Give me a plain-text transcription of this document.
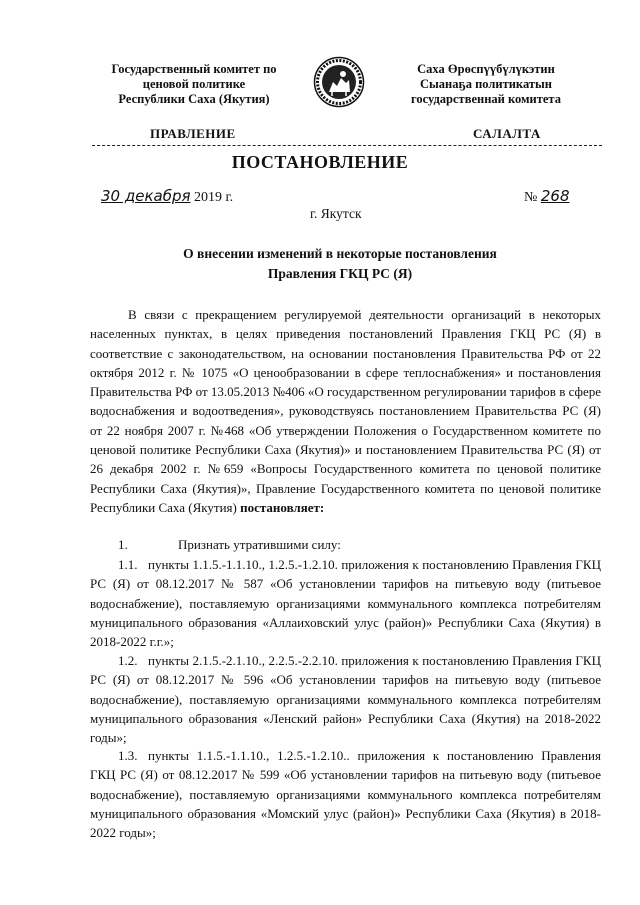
Государственный комитет по
ценовой политике
Республики Саха (Якутия)
Саха Өрөспүүбүлүкэтин
Сыанаҕа политикатын
государственнай комитета
ПРАВЛЕНИЕ	САЛАЛТА
ПОСТАНОВЛЕНИЕ
30 декабря 2019 г.
г. Якутск
№ 268
О внесении изменений в некоторые постановления
Правления ГКЦ РС (Я)
В связи с прекращением регулируемой деятельности организаций в некоторых населенных пунктах, в целях приведения постановлений Правления ГКЦ РС (Я) в соответствие с законодательством, на основании постановления Правительства РФ от 22 октября 2012 г. № 1075 «О ценообразовании в сфере теплоснабжения» и постановления Правительства РФ от 13.05.2013 №406 «О государственном регулировании тарифов в сфере водоснабжения и водоотведения», руководствуясь постановлением Правительства РС (Я) от 22 ноября 2007 г. №468 «Об утверждении Положения о Государственном комитете по ценовой политике Республики Саха (Якутия)» и постановлением Правительства РС (Я) от 26 декабря 2002 г. №659 «Вопросы Государственного комитета по ценовой политике Республики Саха (Якутия)», Правление Государственного комитета по ценовой политике Республики Саха (Якутия) постановляет:
1.	Признать утратившими силу:
1.1. пункты 1.1.5.-1.1.10., 1.2.5.-1.2.10. приложения к постановлению Правления ГКЦ РС (Я) от 08.12.2017 № 587 «Об установлении тарифов на питьевую воду (питьевое водоснабжение), поставляемую организациями коммунального комплекса потребителям муниципального образования «Аллаиховский улус (район)» Республики Саха (Якутия) в 2018-2022 г.г.»;
1.2. пункты 2.1.5.-2.1.10., 2.2.5.-2.2.10. приложения к постановлению Правления ГКЦ РС (Я) от 08.12.2017 № 596 «Об установлении тарифов на питьевую воду (питьевое водоснабжение), поставляемую организациями коммунального комплекса потребителям муниципального образования «Ленский район» Республики Саха (Якутия) на 2018-2022 годы»;
1.3. пункты 1.1.5.-1.1.10., 1.2.5.-1.2.10.. приложения к постановлению Правления ГКЦ РС (Я) от 08.12.2017 № 599 «Об установлении тарифов на питьевую воду (питьевое водоснабжение), поставляемую организациями коммунального комплекса потребителям муниципального образования «Момский улус (район)» Республики Саха (Якутия) в 2018-2022 годы»;
